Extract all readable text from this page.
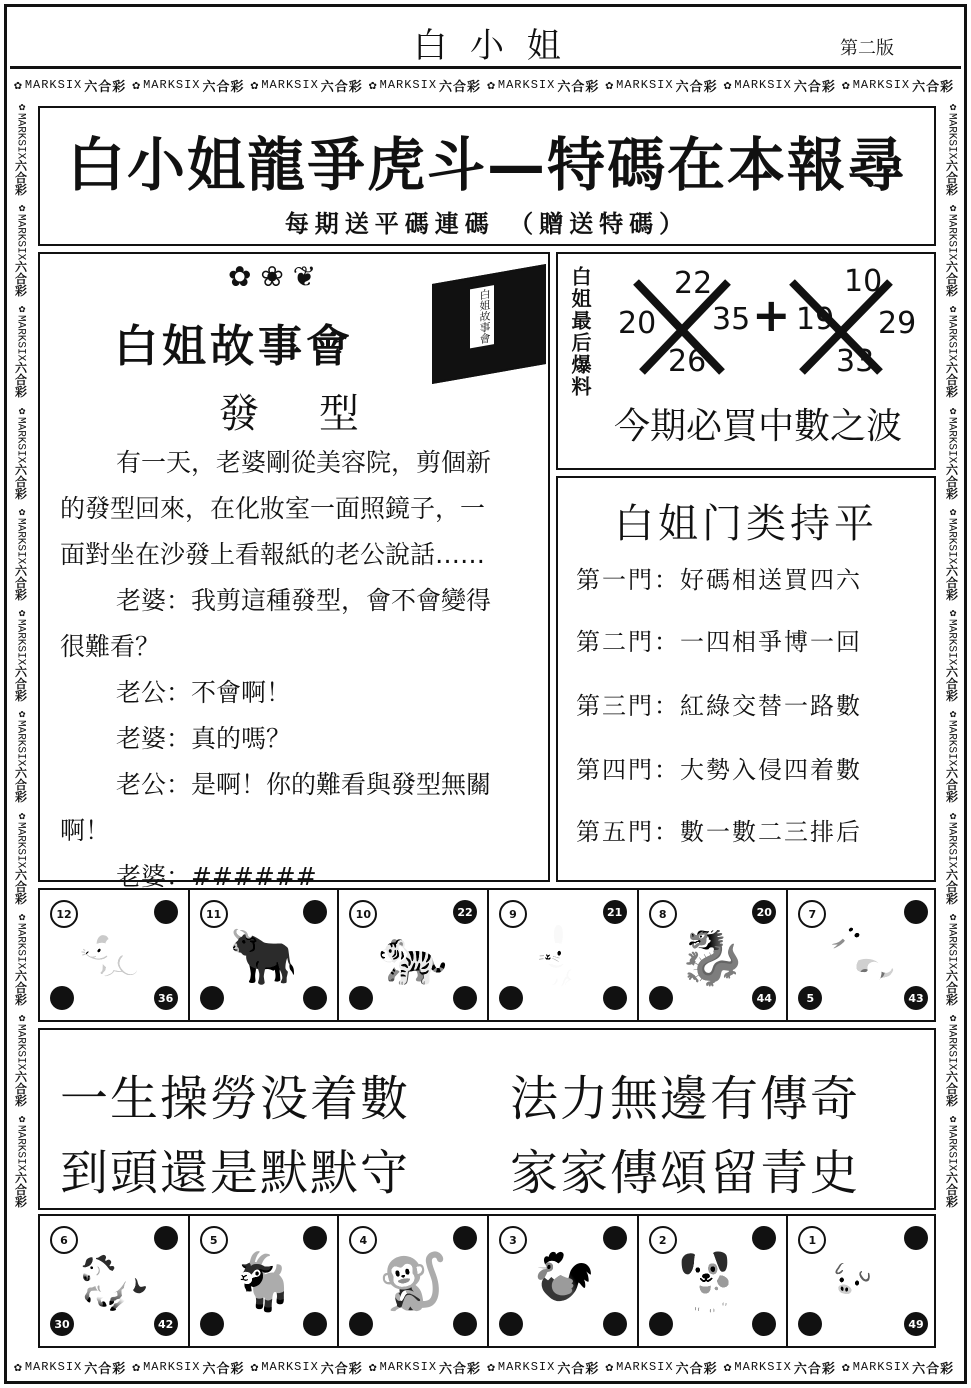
白 小 姐	第二版
✿ MARKSIX 六合彩 ✿ MARKSIX 六合彩 ✿ MARKSIX 六合彩 ✿ MARKSIX 六合彩 ✿ MARKSIX 六合彩 ✿ MARKSIX 六合彩 ✿ MARKSIX 六合彩 ✿ MARKSIX 六合彩
✿ MARKSIX 六合彩 ✿ MARKSIX 六合彩 ✿ MARKSIX 六合彩 ✿ MARKSIX 六合彩 ✿ MARKSIX 六合彩 ✿ MARKSIX 六合彩 ✿ MARKSIX 六合彩 ✿ MARKSIX 六合彩
✿MARKSIX六合彩
✿MARKSIX六合彩
✿MARKSIX六合彩
✿MARKSIX六合彩
✿MARKSIX六合彩
✿MARKSIX六合彩
✿MARKSIX六合彩
✿MARKSIX六合彩
✿MARKSIX六合彩
✿MARKSIX六合彩
✿MARKSIX六合彩
✿MARKSIX六合彩
✿MARKSIX六合彩
✿MARKSIX六合彩
✿MARKSIX六合彩
✿MARKSIX六合彩
✿MARKSIX六合彩
✿MARKSIX六合彩
✿MARKSIX六合彩
✿MARKSIX六合彩
✿MARKSIX六合彩
✿MARKSIX六合彩
白小姐龍爭虎斗—特碼在本報尋
每期送平碼連碼 （贈送特碼）
✿ ❀ ❦
白姐故事會
白姐故事會
發　型

有一天，老婆剛從美容院，剪個新

的發型回來，在化妝室一面照鏡子，一

面對坐在沙發上看報紙的老公說話……

老婆：我剪這種發型，會不會變得

很難看？

老公：不會啊！

老婆：真的嗎？

老公：是啊！你的難看與發型無關

啊！

老婆：######

白姐最后爆料	22
20 35
26
+
10
19 29
33
今期必買中數之波
白姐门类持平
第一門：好碼相送買四六
第二門：一四相爭博一回
第三門：紅綠交替一路數
第四門：大勢入侵四着數
第五門：數一數二三排后
🐀
12
36
🐂
11
🐅
10	22
🐇
9	21
🐉
8	20
44
🐍
7
5	43
一生操勞没着數 法力無邊有傳奇
到頭還是默默守 家家傳頌留青史
🐎
6
30	42
🐐
5
🐒
4
🐓
3
🐕
2
🐖
1
49
